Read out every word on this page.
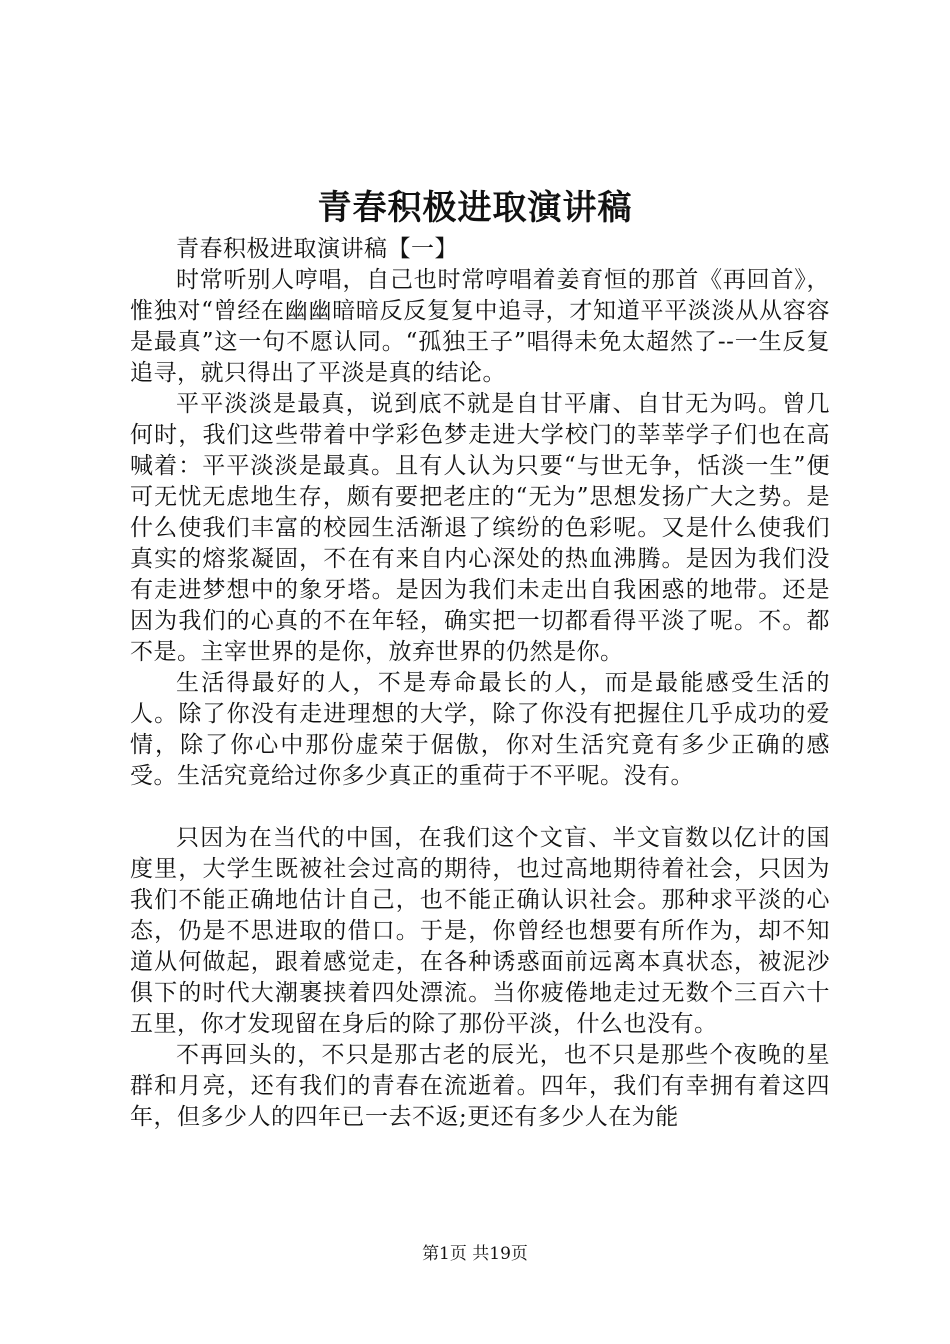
青春积极进取演讲稿

青春积极进取演讲稿【一】

时常听别人哼唱，自己也时常哼唱着姜育恒的那首《再回首》，惟独对“曾经在幽幽暗暗反反复复中追寻，才知道平平淡淡从从容容是最真”这一句不愿认同。“孤独王子”唱得未免太超然了--一生反复追寻，就只得出了平淡是真的结论。

平平淡淡是最真，说到底不就是自甘平庸、自甘无为吗。曾几何时，我们这些带着中学彩色梦走进大学校门的莘莘学子们也在高喊着：平平淡淡是最真。且有人认为只要“与世无争，恬淡一生”便可无忧无虑地生存，颇有要把老庄的“无为”思想发扬广大之势。是什么使我们丰富的校园生活渐退了缤纷的色彩呢。又是什么使我们真实的熔浆凝固，不在有来自内心深处的热血沸腾。是因为我们没有走进梦想中的象牙塔。是因为我们未走出自我困惑的地带。还是因为我们的心真的不在年轻，确实把一切都看得平淡了呢。不。都不是。主宰世界的是你，放弃世界的仍然是你。

生活得最好的人，不是寿命最长的人，而是最能感受生活的人。除了你没有走进理想的大学，除了你没有把握住几乎成功的爱情，除了你心中那份虚荣于倨傲，你对生活究竟有多少正确的感受。生活究竟给过你多少真正的重荷于不平呢。没有。

只因为在当代的中国，在我们这个文盲、半文盲数以亿计的国度里，大学生既被社会过高的期待，也过高地期待着社会，只因为我们不能正确地估计自己，也不能正确认识社会。那种求平淡的心态，仍是不思进取的借口。于是，你曾经也想要有所作为，却不知道从何做起，跟着感觉走，在各种诱惑面前远离本真状态，被泥沙俱下的时代大潮裹挟着四处漂流。当你疲倦地走过无数个三百六十五里，你才发现留在身后的除了那份平淡，什么也没有。

不再回头的，不只是那古老的辰光，也不只是那些个夜晚的星群和月亮，还有我们的青春在流逝着。四年，我们有幸拥有着这四年，但多少人的四年已一去不返;更还有多少人在为能

第1页 共19页
